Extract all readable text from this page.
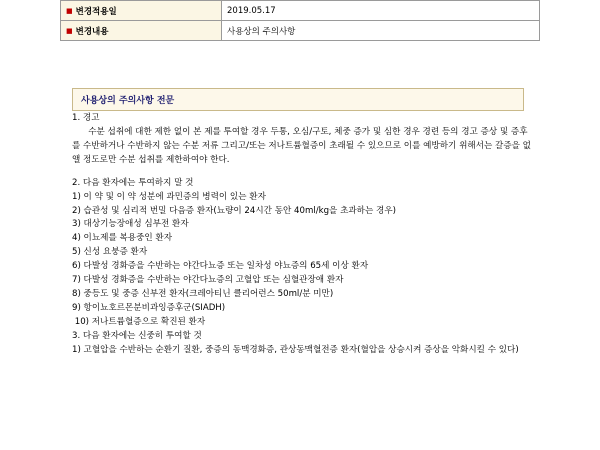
■ 변경적용일	2019.05.17
■ 변경내용	사용상의 주의사항
사용상의 주의사항 전문

1. 경고

수분 섭취에 대한 제한 없이 본 제를 투여할 경우 두통, 오심/구토, 체중 증가 및 심한 경우 경련 등의 경고 증상 및 증후를 수반하거나 수반하지 않는 수분 저류 그리고/또는 저나트륨혈증이 초래될 수 있으므로 이를 예방하기 위해서는 갈증을 없앨 정도로만 수분 섭취를 제한하여야 한다.

2. 다음 환자에는 투여하지 말 것

1) 이 약 및 이 약 성분에 과민증의 병력이 있는 환자

2) 습관성 및 심리적 번밀 다음증 환자(뇨량이 24시간 동안 40ml/kg을 초과하는 경우)

3) 대상기능장애성 심부전 환자

4) 이뇨제를 복용중인 환자

5) 신성 요붕증 환자

6) 다발성 경화증을 수반하는 야간다뇨증 또는 일차성 야뇨증의 65세 이상 환자

7) 다발성 경화증을 수반하는 야간다뇨증의 고혈압 또는 심혈관장애 환자

8) 중등도 및 중증 신부전 환자(크레아티닌 클리어런스 50ml/분 미만)

9) 항이뇨호르몬분비과잉증후군(SIADH)

10) 저나트륨혈증으로 확진된 환자

3. 다음 환자에는 신중히 투여할 것

1) 고혈압을 수반하는 순환기 질환, 중증의 동맥경화증, 관상동맥혈전증 환자(혈압을 상승시켜 증상을 악화시킬 수 있다)
